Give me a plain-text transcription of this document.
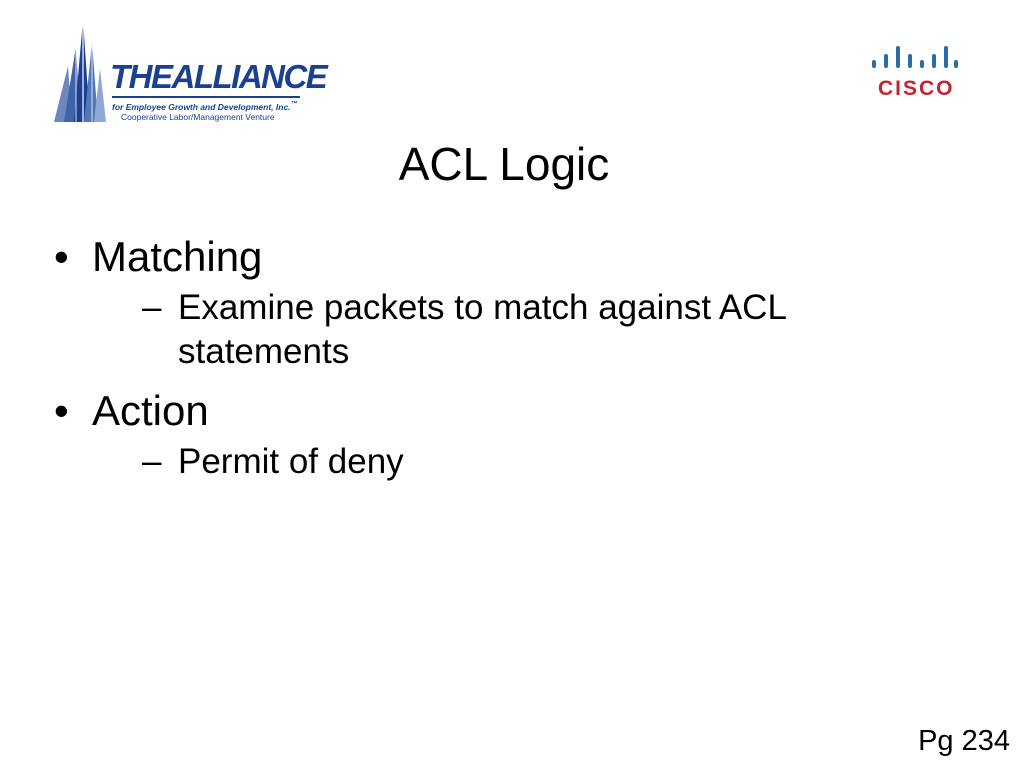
THEALLIANCE
for Employee Growth and Development, Inc.™
Cooperative Labor/Management Venture
CISCO
ACL Logic
• Matching
– Examine packets to match against ACL statements
• Action
– Permit of deny
Pg 234
